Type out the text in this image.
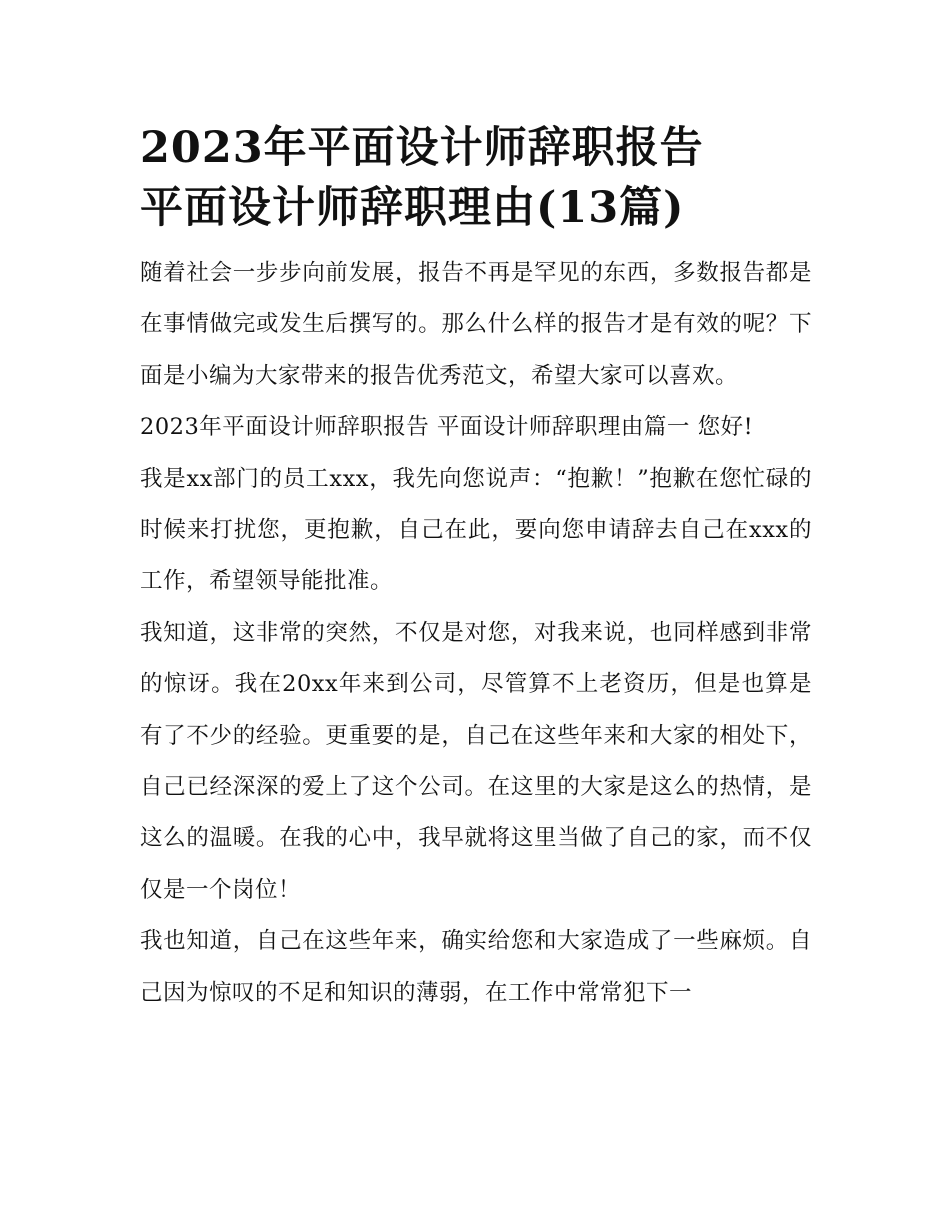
2023年平面设计师辞职报告
平面设计师辞职理由(13篇)

随着社会一步步向前发展，报告不再是罕见的东西，多数报告都是在事情做完或发生后撰写的。那么什么样的报告才是有效的呢？下面是小编为大家带来的报告优秀范文，希望大家可以喜欢。

2023年平面设计师辞职报告 平面设计师辞职理由篇一 您好!

我是xx部门的员工xxx，我先向您说声：“抱歉！”抱歉在您忙碌的时候来打扰您，更抱歉，自己在此，要向您申请辞去自己在xxx的工作，希望领导能批准。

我知道，这非常的突然，不仅是对您，对我来说，也同样感到非常的惊讶。我在20xx年来到公司，尽管算不上老资历，但是也算是有了不少的经验。更重要的是，自己在这些年来和大家的相处下，自己已经深深的爱上了这个公司。在这里的大家是这么的热情，是这么的温暖。在我的心中，我早就将这里当做了自己的家，而不仅仅是一个岗位！

我也知道，自己在这些年来，确实给您和大家造成了一些麻烦。自己因为惊叹的不足和知识的薄弱，在工作中常常犯下一
